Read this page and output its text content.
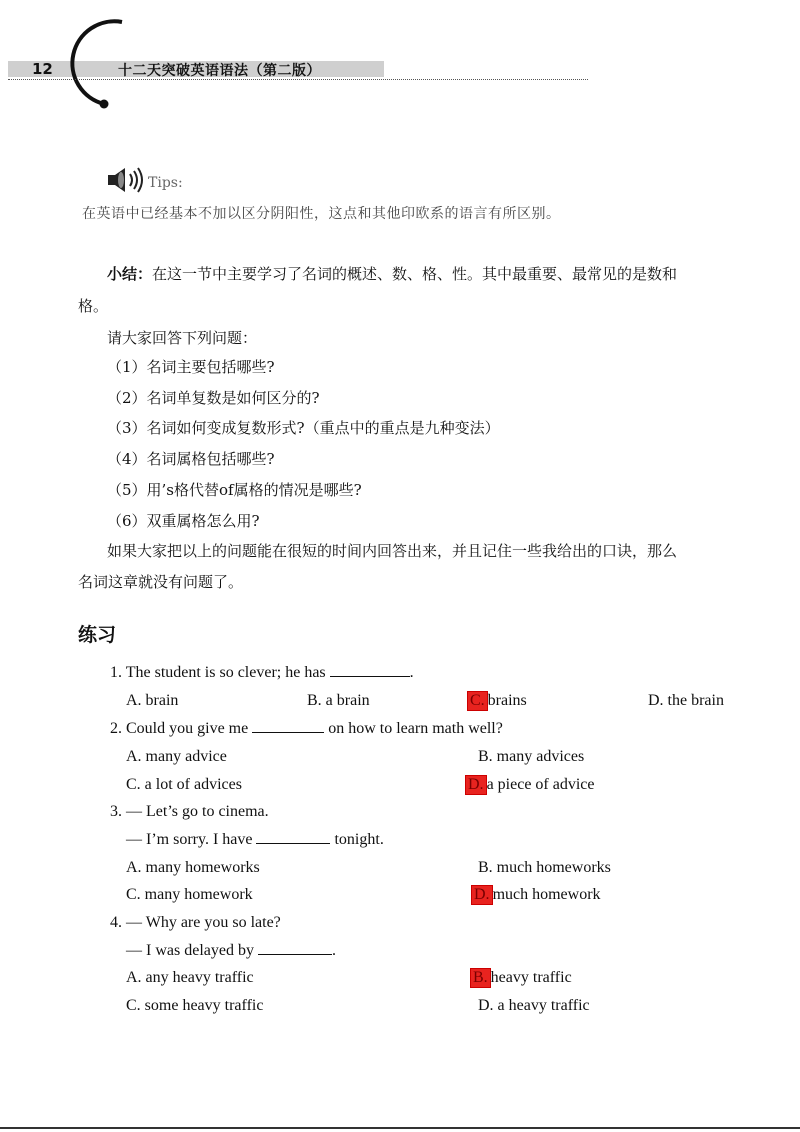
12	十二天突破英语语法（第二版）
Tips:
在英语中已经基本不加以区分阴阳性，这点和其他印欧系的语言有所区别。
小结：在这一节中主要学习了名词的概述、数、格、性。其中最重要、最常见的是数和
格。
请大家回答下列问题：
（1）名词主要包括哪些?
（2）名词单复数是如何区分的?
（3）名词如何变成复数形式?（重点中的重点是九种变法）
（4）名词属格包括哪些?
（5）用’s格代替of属格的情况是哪些?
（6）双重属格怎么用?
如果大家把以上的问题能在很短的时间内回答出来，并且记住一些我给出的口诀，那么
名词这章就没有问题了。
练习
1. The student is so clever; he has	.
A. brain	B. a brain	C. brains	D. the brain
2. Could you give me	on how to learn math well?
A. many advice	B. many advices
C. a lot of advices	D. a piece of advice
3. — Let’s go to cinema.
— I’m sorry. I have	tonight.
A. many homeworks	B. much homeworks
C. many homework	D. much homework
4. — Why are you so late?
— I was delayed by	.
A. any heavy traffic	B. heavy traffic
C. some heavy traffic	D. a heavy traffic
